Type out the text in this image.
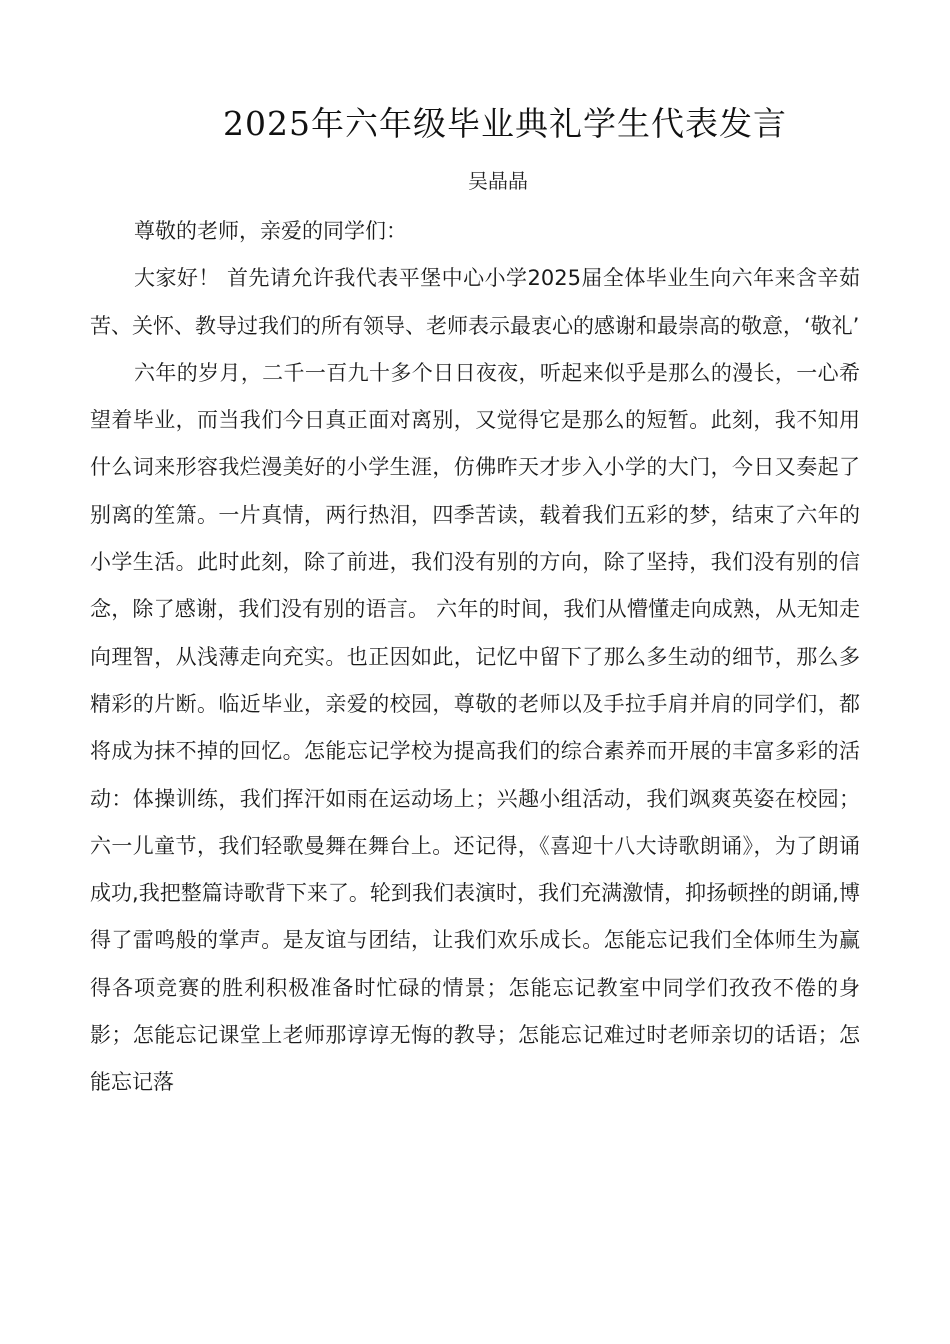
2025年六年级毕业典礼学生代表发言
吴晶晶

尊敬的老师，亲爱的同学们：

大家好！ 首先请允许我代表平堡中心小学2025届全体毕业生向六年来含辛茹苦、关怀、教导过我们的所有领导、老师表示最衷心的感谢和最崇高的敬意，‘敬礼’

六年的岁月，二千一百九十多个日日夜夜，听起来似乎是那么的漫长，一心希望着毕业，而当我们今日真正面对离别，又觉得它是那么的短暂。此刻，我不知用什么词来形容我烂漫美好的小学生涯，仿佛昨天才步入小学的大门，今日又奏起了别离的笙箫。一片真情，两行热泪，四季苦读，载着我们五彩的梦，结束了六年的小学生活。此时此刻，除了前进，我们没有别的方向，除了坚持，我们没有别的信念，除了感谢，我们没有别的语言。 六年的时间，我们从懵懂走向成熟，从无知走向理智，从浅薄走向充实。也正因如此，记忆中留下了那么多生动的细节，那么多精彩的片断。临近毕业，亲爱的校园，尊敬的老师以及手拉手肩并肩的同学们，都将成为抹不掉的回忆。怎能忘记学校为提高我们的综合素养而开展的丰富多彩的活动：体操训练，我们挥汗如雨在运动场上；兴趣小组活动，我们飒爽英姿在校园；六一儿童节，我们轻歌曼舞在舞台上。还记得，《喜迎十八大诗歌朗诵》，为了朗诵成功,我把整篇诗歌背下来了。轮到我们表演时，我们充满激情，抑扬顿挫的朗诵,博得了雷鸣般的掌声。是友谊与团结，让我们欢乐成长。怎能忘记我们全体师生为赢得各项竞赛的胜利积极准备时忙碌的情景；怎能忘记教室中同学们孜孜不倦的身影；怎能忘记课堂上老师那谆谆无悔的教导；怎能忘记难过时老师亲切的话语；怎能忘记落
